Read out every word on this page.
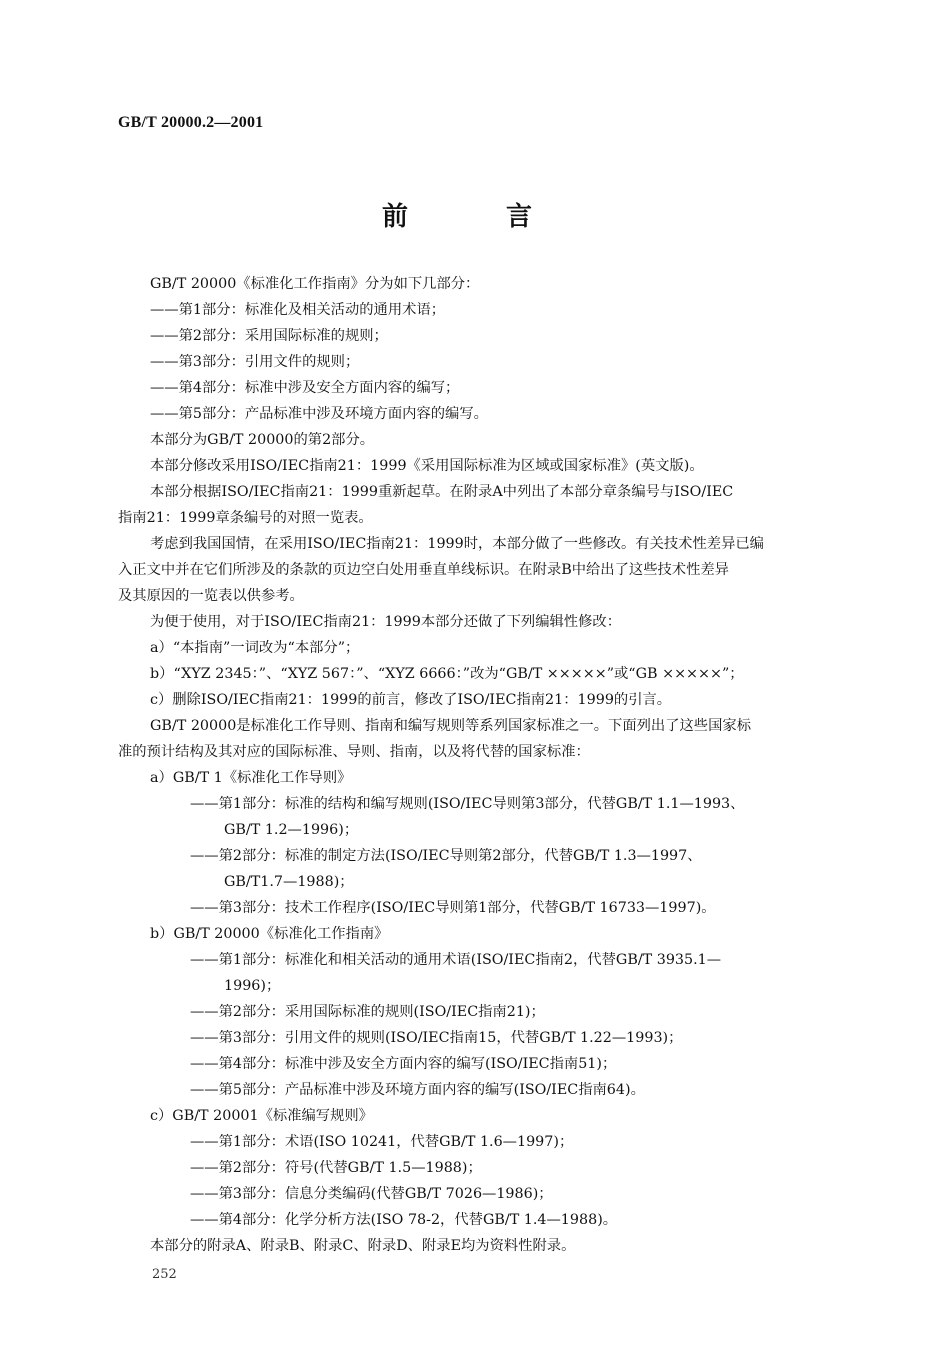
GB/T 20000.2—2001
前　言
GB/T 20000《标准化工作指南》分为如下几部分：
——第1部分：标准化及相关活动的通用术语；
——第2部分：采用国际标准的规则；
——第3部分：引用文件的规则；
——第4部分：标准中涉及安全方面内容的编写；
——第5部分：产品标准中涉及环境方面内容的编写。
本部分为GB/T 20000的第2部分。
本部分修改采用ISO/IEC指南21：1999《采用国际标准为区域或国家标准》(英文版)。
本部分根据ISO/IEC指南21：1999重新起草。在附录A中列出了本部分章条编号与ISO/IEC
指南21：1999章条编号的对照一览表。
考虑到我国国情，在采用ISO/IEC指南21：1999时，本部分做了一些修改。有关技术性差异已编
入正文中并在它们所涉及的条款的页边空白处用垂直单线标识。在附录B中给出了这些技术性差异
及其原因的一览表以供参考。
为便于使用，对于ISO/IEC指南21：1999本部分还做了下列编辑性修改：
a）“本指南”一词改为“本部分”；
b）“XYZ 2345：”、“XYZ 567：”、“XYZ 6666：”改为“GB/T ×××××”或“GB ×××××”；
c）删除ISO/IEC指南21：1999的前言，修改了ISO/IEC指南21：1999的引言。
GB/T 20000是标准化工作导则、指南和编写规则等系列国家标准之一。下面列出了这些国家标
准的预计结构及其对应的国际标准、导则、指南，以及将代替的国家标准：
a）GB/T 1《标准化工作导则》
——第1部分：标准的结构和编写规则(ISO/IEC导则第3部分，代替GB/T 1.1—1993、
GB/T 1.2—1996)；
——第2部分：标准的制定方法(ISO/IEC导则第2部分，代替GB/T 1.3—1997、
GB/T1.7—1988)；
——第3部分：技术工作程序(ISO/IEC导则第1部分，代替GB/T 16733—1997)。
b）GB/T 20000《标准化工作指南》
——第1部分：标准化和相关活动的通用术语(ISO/IEC指南2，代替GB/T 3935.1—
1996)；
——第2部分：采用国际标准的规则(ISO/IEC指南21)；
——第3部分：引用文件的规则(ISO/IEC指南15，代替GB/T 1.22—1993)；
——第4部分：标准中涉及安全方面内容的编写(ISO/IEC指南51)；
——第5部分：产品标准中涉及环境方面内容的编写(ISO/IEC指南64)。
c）GB/T 20001《标准编写规则》
——第1部分：术语(ISO 10241，代替GB/T 1.6—1997)；
——第2部分：符号(代替GB/T 1.5—1988)；
——第3部分：信息分类编码(代替GB/T 7026—1986)；
——第4部分：化学分析方法(ISO 78-2，代替GB/T 1.4—1988)。
本部分的附录A、附录B、附录C、附录D、附录E均为资料性附录。
252
